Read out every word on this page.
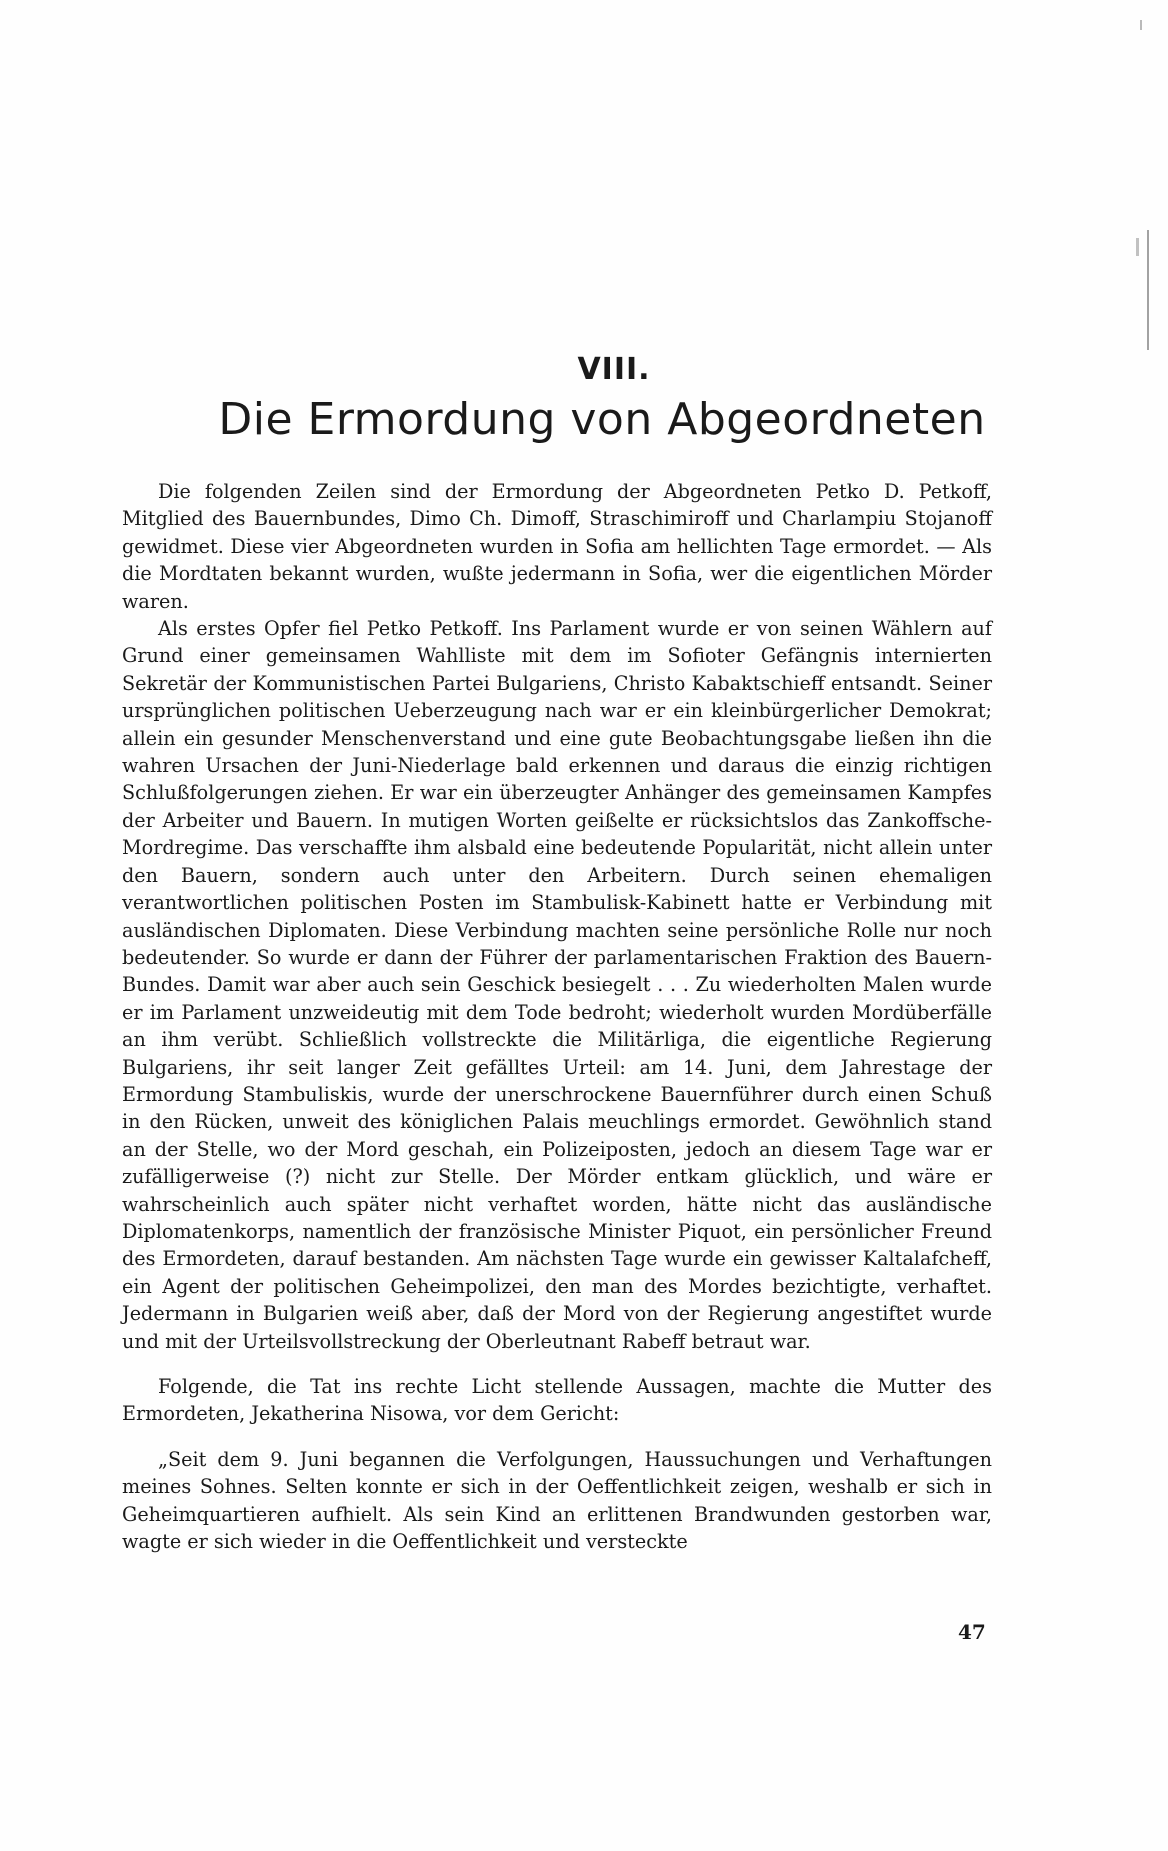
VIII.
Die Ermordung von Abgeordneten

Die folgenden Zeilen sind der Ermordung der Abgeordneten Petko D. Petkoff, Mitglied des Bauernbundes, Dimo Ch. Dimoff, Straschimiroff und Charlampiu Stojanoff gewidmet. Diese vier Abgeordneten wurden in Sofia am hellichten Tage ermordet. — Als die Mordtaten bekannt wurden, wußte jedermann in Sofia, wer die eigentlichen Mörder waren.

Als erstes Opfer fiel Petko Petkoff. Ins Parlament wurde er von seinen Wählern auf Grund einer gemeinsamen Wahlliste mit dem im Sofioter Gefängnis internierten Sekretär der Kommunistischen Partei Bulgariens, Christo Kabaktschieff entsandt. Seiner ursprünglichen politischen Ueberzeugung nach war er ein kleinbürgerlicher Demokrat; allein ein gesunder Menschenverstand und eine gute Beobachtungsgabe ließen ihn die wahren Ursachen der Juni-Niederlage bald erkennen und daraus die einzig richtigen Schlußfolgerungen ziehen. Er war ein überzeugter Anhänger des gemeinsamen Kampfes der Arbeiter und Bauern. In mutigen Worten geißelte er rücksichtslos das Zankoffsche-Mordregime. Das verschaffte ihm alsbald eine bedeutende Popularität, nicht allein unter den Bauern, sondern auch unter den Arbeitern. Durch seinen ehemaligen verantwortlichen politischen Posten im Stambulisk-Kabinett hatte er Verbindung mit ausländischen Diplomaten. Diese Verbindung machten seine persönliche Rolle nur noch bedeutender. So wurde er dann der Führer der parlamentarischen Fraktion des Bauern-Bundes. Damit war aber auch sein Geschick besiegelt . . . Zu wiederholten Malen wurde er im Parlament unzweideutig mit dem Tode bedroht; wiederholt wurden Mordüberfälle an ihm verübt. Schließlich vollstreckte die Militärliga, die eigentliche Regierung Bulgariens, ihr seit langer Zeit gefälltes Urteil: am 14. Juni, dem Jahrestage der Ermordung Stambuliskis, wurde der unerschrockene Bauernführer durch einen Schuß in den Rücken, unweit des königlichen Palais meuchlings ermordet. Gewöhnlich stand an der Stelle, wo der Mord geschah, ein Polizeiposten, jedoch an diesem Tage war er zufälligerweise (?) nicht zur Stelle. Der Mörder entkam glücklich, und wäre er wahrscheinlich auch später nicht verhaftet worden, hätte nicht das ausländische Diplomatenkorps, namentlich der französische Minister Piquot, ein persönlicher Freund des Ermordeten, darauf bestanden. Am nächsten Tage wurde ein gewisser Kaltalafcheff, ein Agent der politischen Geheimpolizei, den man des Mordes bezichtigte, verhaftet. Jedermann in Bulgarien weiß aber, daß der Mord von der Regierung angestiftet wurde und mit der Urteilsvollstreckung der Oberleutnant Rabeff betraut war.

Folgende, die Tat ins rechte Licht stellende Aussagen, machte die Mutter des Ermordeten, Jekatherina Nisowa, vor dem Gericht:

„Seit dem 9. Juni begannen die Verfolgungen, Haussuchungen und Verhaftungen meines Sohnes. Selten konnte er sich in der Oeffentlichkeit zeigen, weshalb er sich in Geheimquartieren aufhielt. Als sein Kind an erlittenen Brandwunden gestorben war, wagte er sich wieder in die Oeffentlichkeit und versteckte

47
